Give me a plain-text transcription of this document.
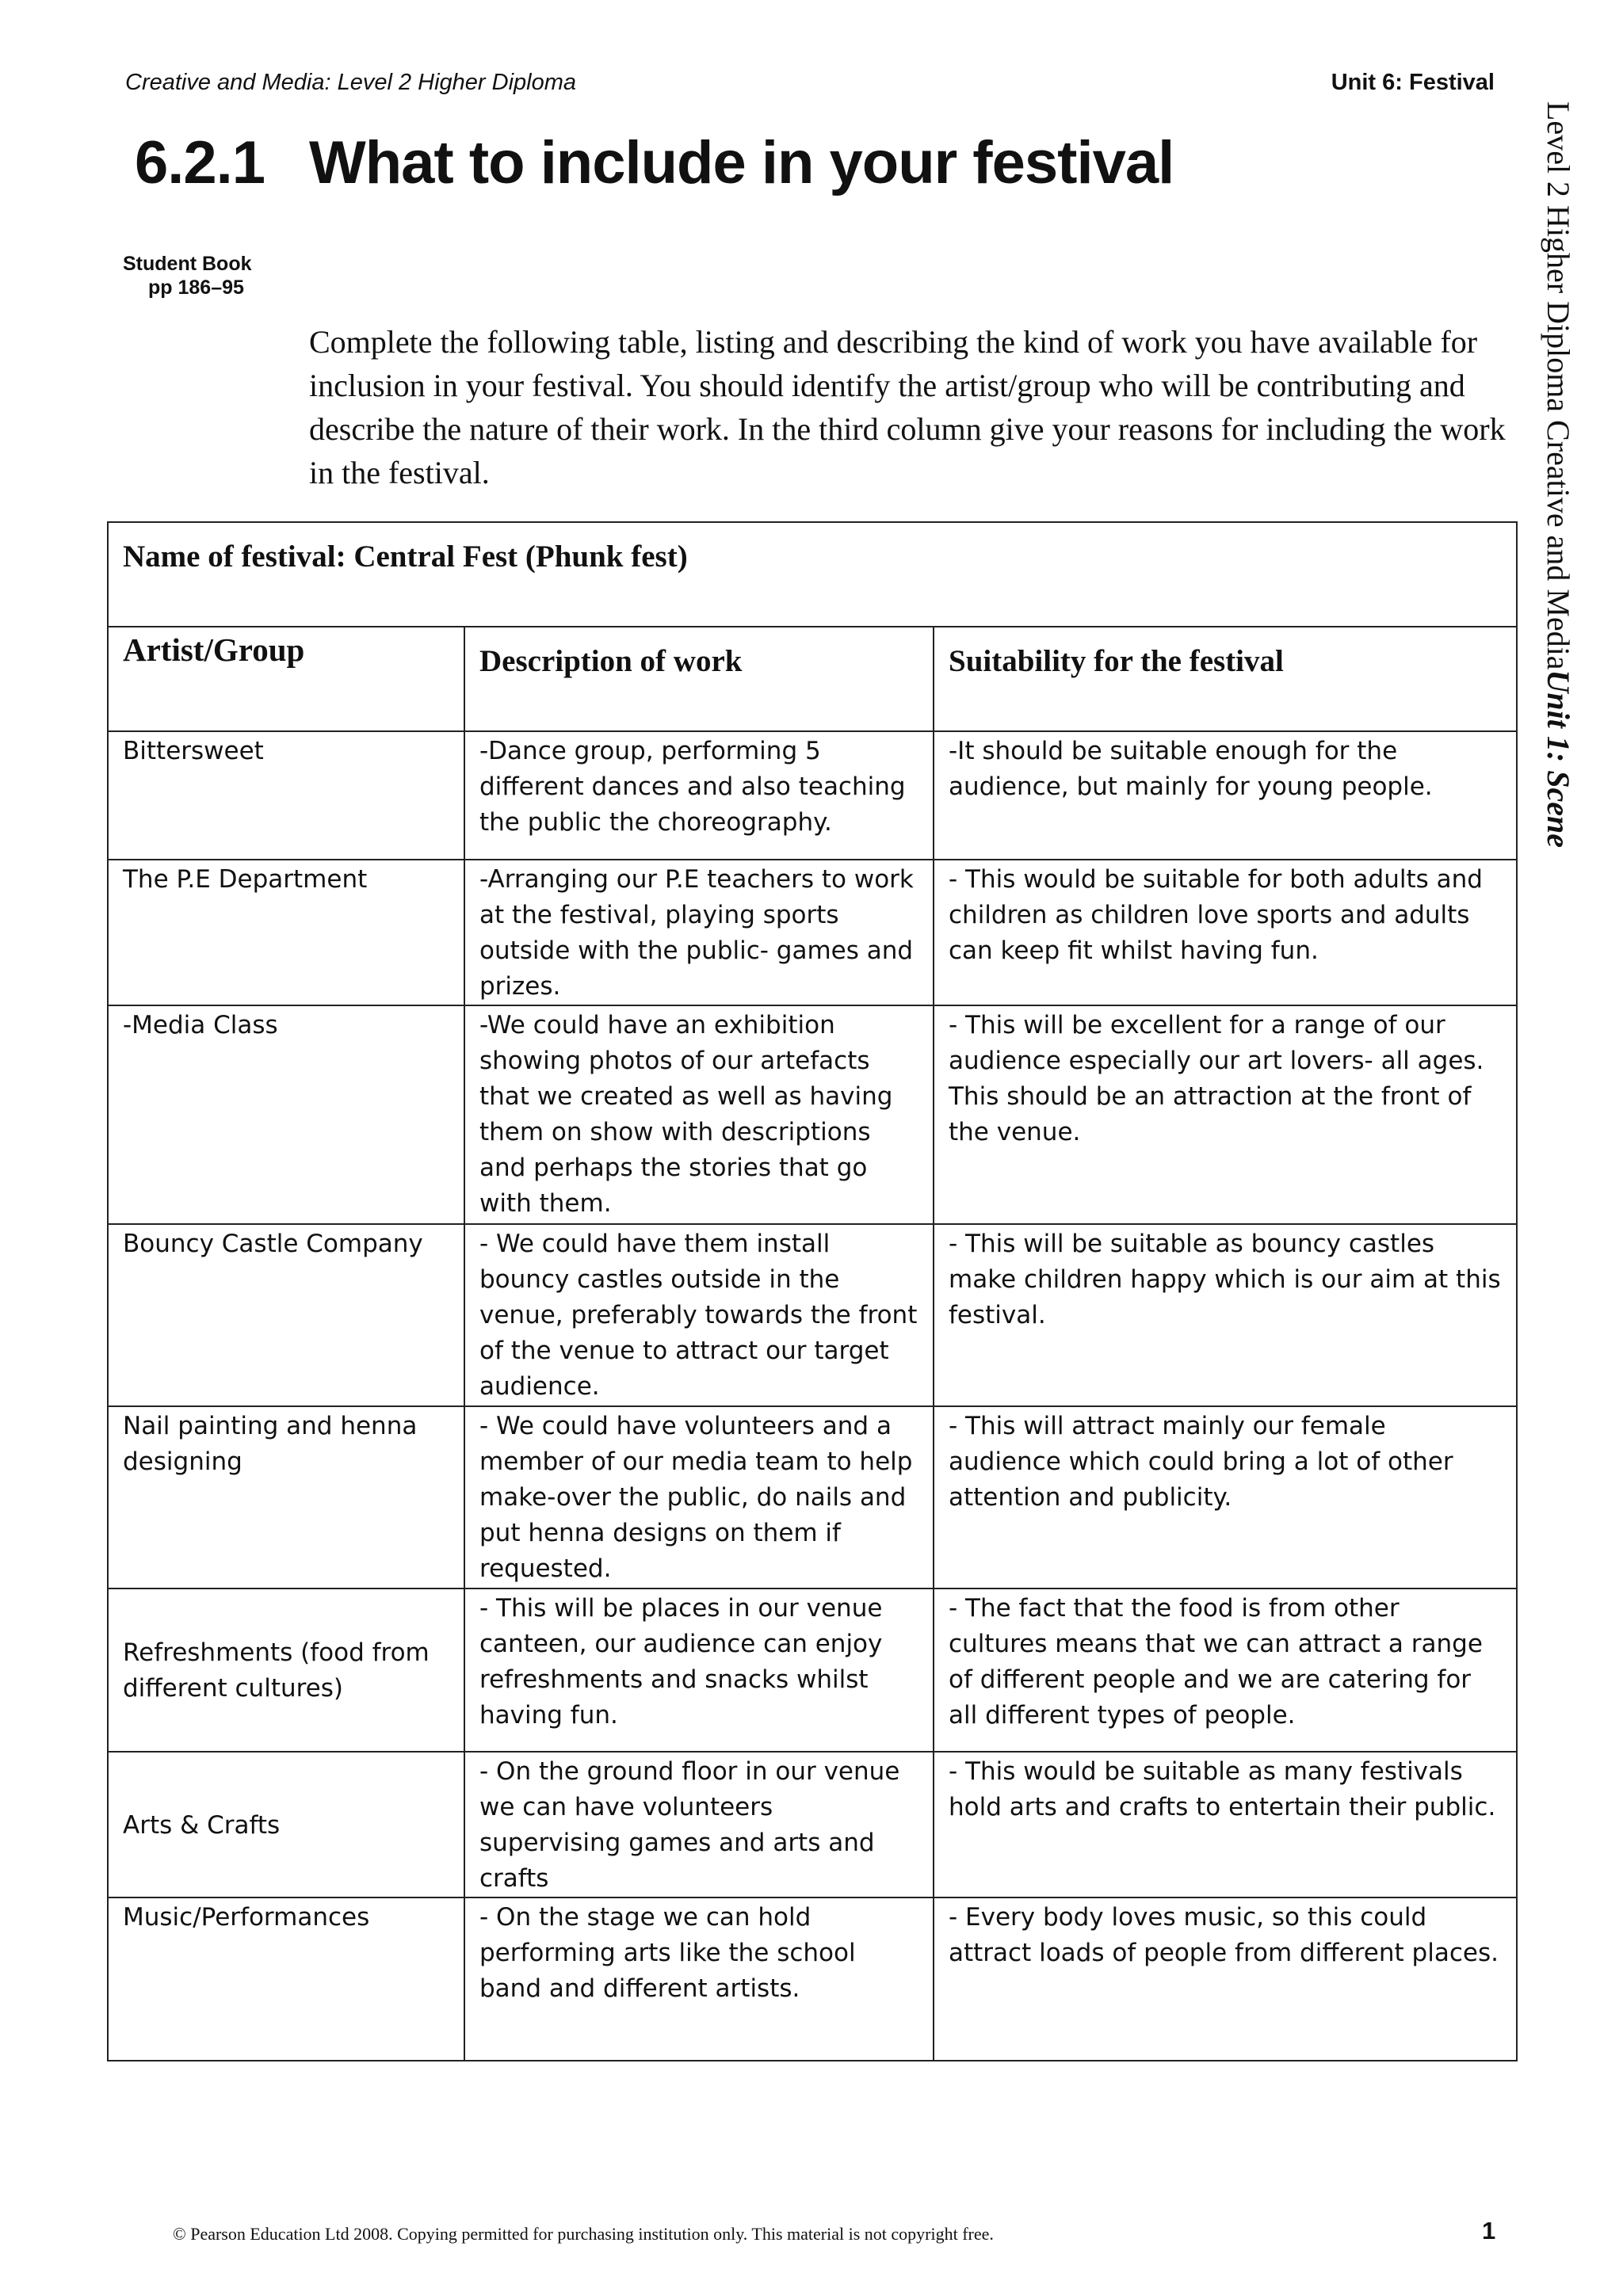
Creative and Media: Level 2 Higher Diploma	Unit 6: Festival
Level 2 Higher Diploma Creative and MediaUnit 1: Scene
6.2.1 What to include in your festival
Student Book
pp 186–95

Complete the following table, listing and describing the kind of work you have available for inclusion in your festival. You should identify the artist/group who will be contributing and describe the nature of their work. In the third column give your reasons for including the work in the festival.

Name of festival: Central Fest (Phunk fest)		

Artist/Group	Description of work	Suitability for the festival

Bittersweet	-Dance group, performing 5 different dances and also teaching the public the choreography.	-It should be suitable enough for the audience, but mainly for young people.

The P.E Department	-Arranging our P.E teachers to work at the festival, playing sports outside with the public- games and prizes.	- This would be suitable for both adults and children as children love sports and adults can keep fit whilst having fun.

-Media Class	-We could have an exhibition showing photos of our artefacts that we created as well as having them on show with descriptions and perhaps the stories that go with them.	- This will be excellent for a range of our audience especially our art lovers- all ages. This should be an attraction at the front of the venue.

Bouncy Castle Company	- We could have them install bouncy castles outside in the venue, preferably towards the front of the venue to attract our target audience.	- This will be suitable as bouncy castles make children happy which is our aim at this festival.

Nail painting and henna designing	- We could have volunteers and a member of our media team to help make-over the public, do nails and put henna designs on them if requested.	- This will attract mainly our female audience which could bring a lot of other attention and publicity.

Refreshments (food from different cultures)	- This will be places in our venue canteen, our audience can enjoy refreshments and snacks whilst having fun.	- The fact that the food is from other cultures means that we can attract a range of different people and we are catering for all different types of people.

Arts & Crafts	- On the ground floor in our venue we can have volunteers supervising games and arts and crafts	- This would be suitable as many festivals hold arts and crafts to entertain their public.

Music/Performances	- On the stage we can hold performing arts like the school band and different artists.	- Every body loves music, so this could attract loads of people from different places.
© Pearson Education Ltd 2008. Copying permitted for purchasing institution only. This material is not copyright free.	1
